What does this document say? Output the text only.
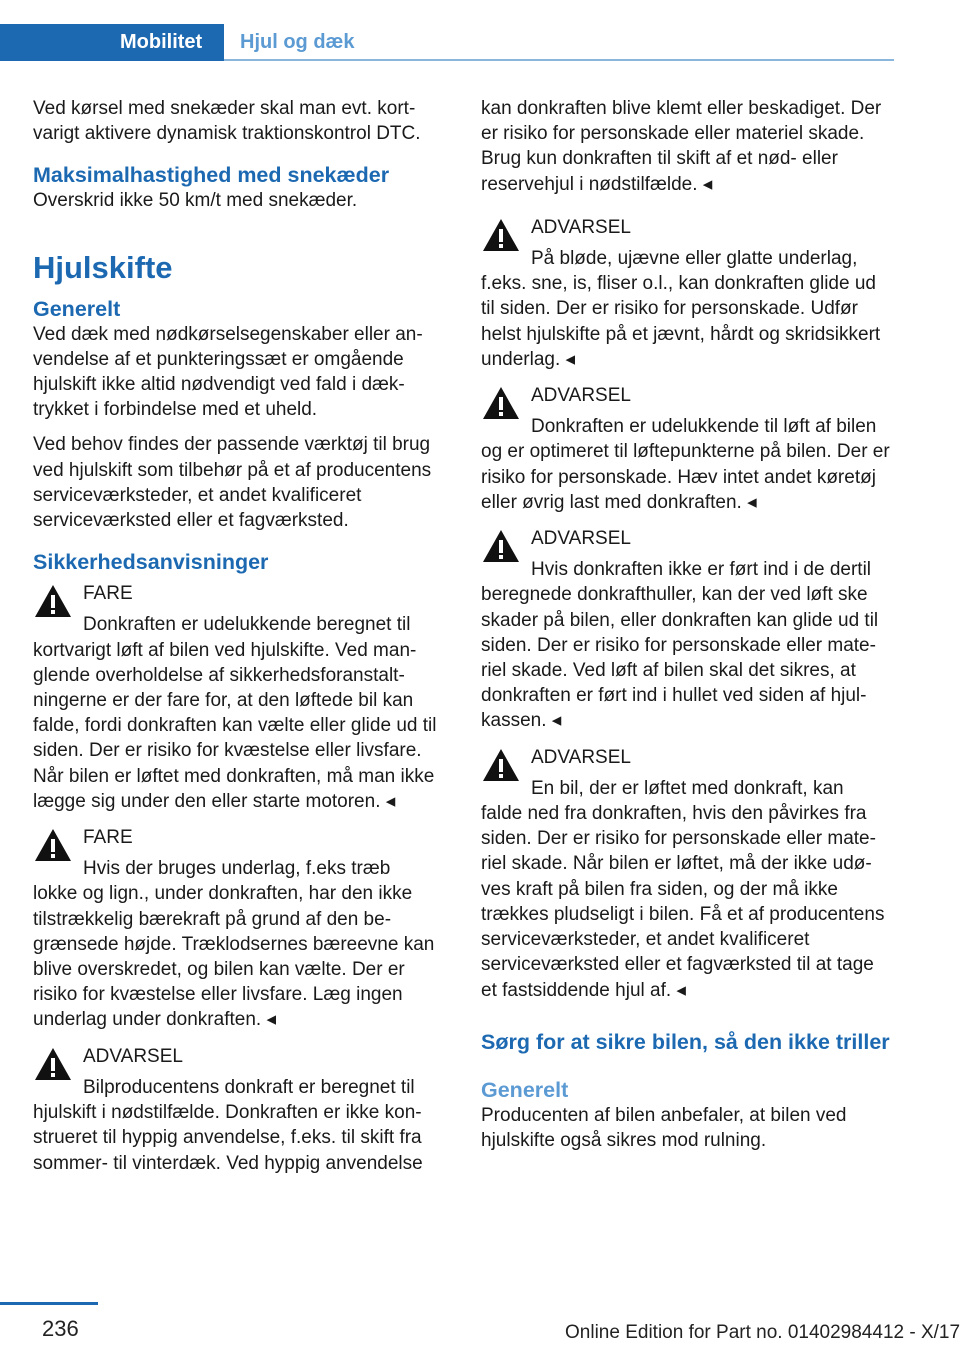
Mobilitet	Hjul og dæk

Ved kørsel med snekæder skal man evt. kortvarigt aktivere dynamisk traktionskontrol DTC.

Maksimalhastighed med snekæder

Overskrid ikke 50 km/t med snekæder.

Hjulskifte
Generelt

Ved dæk med nødkørselsegenskaber eller anvendelse af et punkteringssæt er omgående hjulskift ikke altid nødvendigt ved fald i dæktrykket i forbindelse med et uheld.

Ved behov findes der passende værktøj til brug ved hjulskift som tilbehør på et af producentens serviceværksteder, et andet kvalificeret serviceværksted eller et fagværksted.

Sikkerhedsanvisninger
FARE
Donkraften er udelukkende beregnet til
kortvarigt løft af bilen ved hjulskifte. Ved manglende overholdelse af sikkerhedsforanstaltningerne er der fare for, at den løftede bil kan falde, fordi donkraften kan vælte eller glide ud til siden. Der er risiko for kvæstelse eller livsfare. Når bilen er løftet med donkraften, må man ikke lægge sig under den eller starte motoren. ◂
FARE
Hvis der bruges underlag, f.eks træb
lokke og lign., under donkraften, har den ikke tilstrækkelig bærekraft på grund af den begrænsede højde. Træklodsernes bæreevne kan blive overskredet, og bilen kan vælte. Der er risiko for kvæstelse eller livsfare. Læg ingen underlag under donkraften. ◂
ADVARSEL
Bilproducentens donkraft er beregnet til
hjulskift i nødstilfælde. Donkraften er ikke konstrueret til hyppig anvendelse, f.eks. til skift fra sommer- til vinterdæk. Ved hyppig anvendelse

kan donkraften blive klemt eller beskadiget. Der er risiko for personskade eller materiel skade. Brug kun donkraften til skift af et nød- eller reservehjul i nødstilfælde. ◂

ADVARSEL
På bløde, ujævne eller glatte underlag,
f.eks. sne, is, fliser o.l., kan donkraften glide ud til siden. Der er risiko for personskade. Udfør helst hjulskifte på et jævnt, hårdt og skridsikkert underlag. ◂
ADVARSEL
Donkraften er udelukkende til løft af bilen
og er optimeret til løftepunkterne på bilen. Der er risiko for personskade. Hæv intet andet køretøj eller øvrig last med donkraften. ◂
ADVARSEL
Hvis donkraften ikke er ført ind i de dertil
beregnede donkrafthuller, kan der ved løft ske skader på bilen, eller donkraften kan glide ud til siden. Der er risiko for personskade eller materiel skade. Ved løft af bilen skal det sikres, at donkraften er ført ind i hullet ved siden af hjulkassen. ◂
ADVARSEL
En bil, der er løftet med donkraft, kan
falde ned fra donkraften, hvis den påvirkes fra siden. Der er risiko for personskade eller materiel skade. Når bilen er løftet, må der ikke udøves kraft på bilen fra siden, og der må ikke trækkes pludseligt i bilen. Få et af producentens serviceværksteder, et andet kvalificeret serviceværksted eller et fagværksted til at tage et fastsiddende hjul af. ◂
Sørg for at sikre bilen, så den ikke triller
Generelt

Producenten af bilen anbefaler, at bilen ved hjulskifte også sikres mod rulning.

236	Online Edition for Part no. 01402984412 - X/17
